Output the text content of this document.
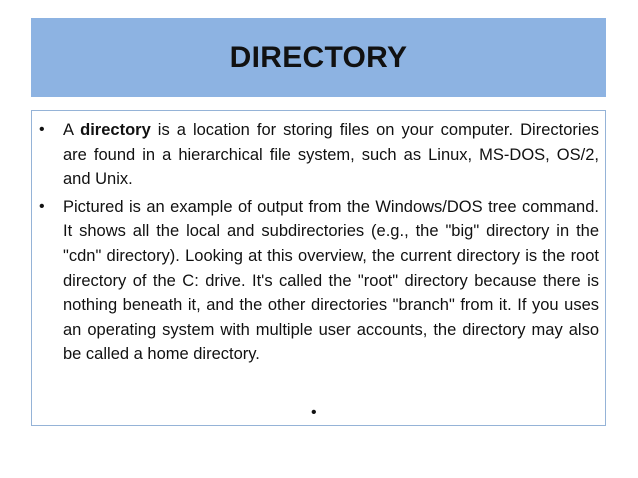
DIRECTORY
• A directory is a location for storing files on your computer. Directories are found in a hierarchical file system, such as Linux, MS-DOS, OS/2, and Unix.
• Pictured is an example of output from the Windows/DOS tree command. It shows all the local and subdirectories (e.g., the "big" directory in the "cdn" directory). Looking at this overview, the current directory is the root directory of the C: drive. It's called the "root" directory because there is nothing beneath it, and the other directories "branch" from it. If you uses an operating system with multiple user accounts, the directory may also be called a home directory.
•
